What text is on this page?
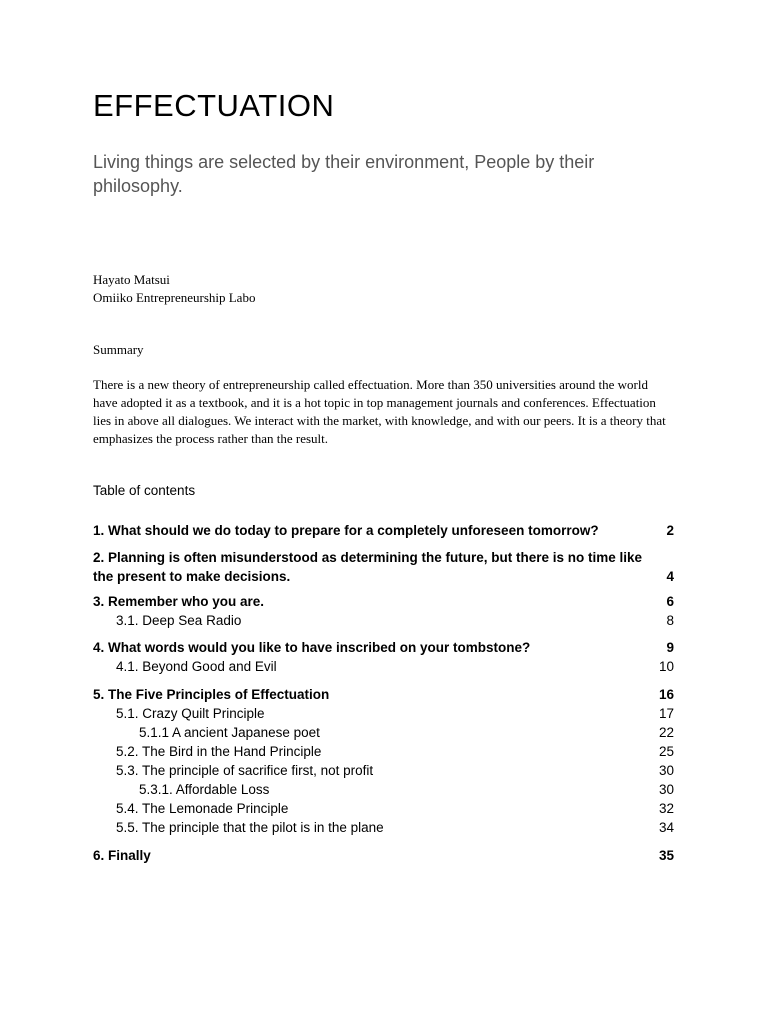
EFFECTUATION

Living things are selected by their environment, People by their philosophy.

Hayato Matsui
Omiiko Entrepreneurship Labo
Summary

There is a new theory of entrepreneurship called effectuation. More than 350 universities around the world have adopted it as a textbook, and it is a hot topic in top management journals and conferences. Effectuation lies in above all dialogues. We interact with the market, with knowledge, and with our peers. It is a theory that emphasizes the process rather than the result.

Table of contents
1. What should we do today to prepare for a completely unforeseen tomorrow?	2
2. Planning is often misunderstood as determining the future, but there is no time like the present to make decisions.	4
3. Remember who you are.	6
3.1. Deep Sea Radio	8
4. What words would you like to have inscribed on your tombstone?	9
4.1. Beyond Good and Evil	10
5. The Five Principles of Effectuation	16
5.1. Crazy Quilt Principle	17
5.1.1 A ancient Japanese poet	22
5.2. The Bird in the Hand Principle	25
5.3. The principle of sacrifice first, not profit	30
5.3.1. Affordable Loss	30
5.4. The Lemonade Principle	32
5.5. The principle that the pilot is in the plane	34
6. Finally	35
